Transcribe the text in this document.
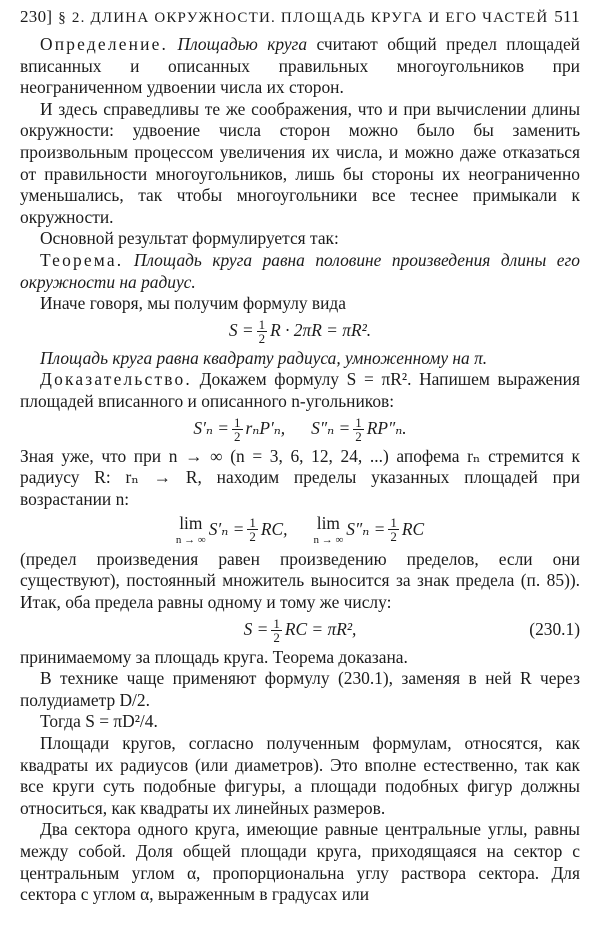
230] § 2. ДЛИНА ОКРУЖНОСТИ. ПЛОЩАДЬ КРУГА И ЕГО ЧАСТЕЙ 511

Определение. Площадью круга считают общий предел площадей вписанных и описанных правильных многоугольников при неограниченном удвоении числа их сторон.

И здесь справедливы те же соображения, что и при вычислении длины окружности: удвоение числа сторон можно было бы заменить произвольным процессом увеличения их числа, и можно даже отказаться от правильности многоугольников, лишь бы стороны их неограниченно уменьшались, так чтобы многоугольники все теснее примыкали к окружности.

Основной результат формулируется так:

Теорема. Площадь круга равна половине произведения длины его окружности на радиус.

Иначе говоря, мы получим формулу вида

$S = \frac{1}{2}$ R · 2πR = πR².

Площадь круга равна квадрату радиуса, умноженному на π.

Доказательство. Докажем формулу S = πR². Напишем выражения площадей вписанного и описанного n-угольников:

$S'_n = \frac{1}{2} r_nP'_n$, $S''_n = \frac{1}{2} RP''_n$.

Зная уже, что при n → ∞ (n = 3, 6, 12, 24, ...) апофема rₙ стремится к радиусу R: rₙ → R, находим пределы указанных площадей при возрастании n:

lim
n → ∞
$S'_n = \frac{1}{2}$ RC, lim
n → ∞
$S''_n = \frac{1}{2}$ RC

(предел произведения равен произведению пределов, если они существуют), постоянный множитель выносится за знак предела (п. 85)). Итак, оба предела равны одному и тому же числу:

$S = \frac{1}{2}$ RC = πR²,	(230.1)

принимаемому за площадь круга. Теорема доказана.

В технике чаще применяют формулу (230.1), заменяя в ней R через полудиаметр D/2.

Тогда S = πD²/4.

Площади кругов, согласно полученным формулам, относятся, как квадраты их радиусов (или диаметров). Это вполне естественно, так как все круги суть подобные фигуры, а площади подобных фигур должны относиться, как квадраты их линейных размеров.

Два сектора одного круга, имеющие равные центральные углы, равны между собой. Доля общей площади круга, приходящаяся на сектор с центральным углом α, пропорциональна углу раствора сектора. Для сектора с углом α, выраженным в градусах или
